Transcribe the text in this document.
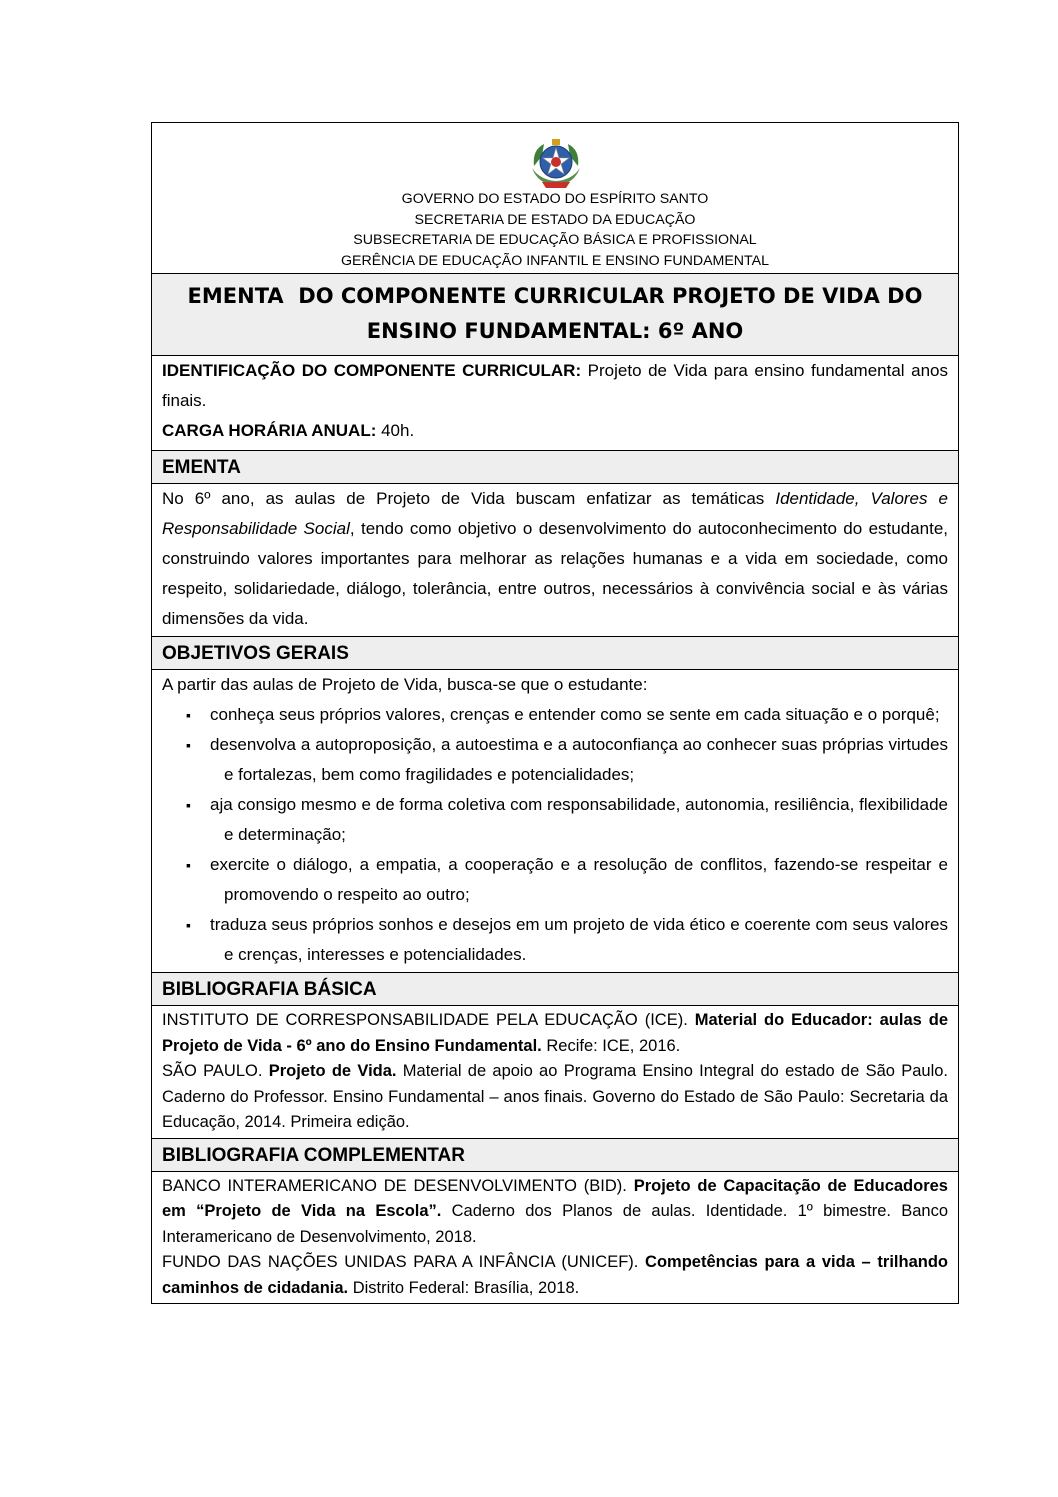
GOVERNO DO ESTADO DO ESPÍRITO SANTO
SECRETARIA DE ESTADO DA EDUCAÇÃO
SUBSECRETARIA DE EDUCAÇÃO BÁSICA E PROFISSIONAL
GERÊNCIA DE EDUCAÇÃO INFANTIL E ENSINO FUNDAMENTAL
EMENTA  DO COMPONENTE CURRICULAR PROJETO DE VIDA DO
ENSINO FUNDAMENTAL: 6º ANO
IDENTIFICAÇÃO DO COMPONENTE CURRICULAR: Projeto de Vida para ensino fundamental anos finais.
CARGA HORÁRIA ANUAL: 40h.
EMENTA
No 6º ano, as aulas de Projeto de Vida buscam enfatizar as temáticas Identidade, Valores e Responsabilidade Social, tendo como objetivo o desenvolvimento do autoconhecimento do estudante, construindo valores importantes para melhorar as relações humanas e a vida em sociedade, como respeito, solidariedade, diálogo, tolerância, entre outros, necessários à convivência social e às várias dimensões da vida.
OBJETIVOS GERAIS
A partir das aulas de Projeto de Vida, busca-se que o estudante:
▪ conheça seus próprios valores, crenças e entender como se sente em cada situação e o porquê;
▪ desenvolva a autoproposição, a autoestima e a autoconfiança ao conhecer suas próprias virtudes e fortalezas, bem como fragilidades e potencialidades;
▪ aja consigo mesmo e de forma coletiva com responsabilidade, autonomia, resiliência, flexibilidade e determinação;
▪ exercite o diálogo, a empatia, a cooperação e a resolução de conflitos, fazendo-se respeitar e promovendo o respeito ao outro;
▪ traduza seus próprios sonhos e desejos em um projeto de vida ético e coerente com seus valores e crenças, interesses e potencialidades.
BIBLIOGRAFIA BÁSICA
INSTITUTO DE CORRESPONSABILIDADE PELA EDUCAÇÃO (ICE). Material do Educador: aulas de Projeto de Vida - 6º ano do Ensino Fundamental. Recife: ICE, 2016.
SÃO PAULO. Projeto de Vida. Material de apoio ao Programa Ensino Integral do estado de São Paulo. Caderno do Professor. Ensino Fundamental – anos finais. Governo do Estado de São Paulo: Secretaria da Educação, 2014. Primeira edição.
BIBLIOGRAFIA COMPLEMENTAR
BANCO INTERAMERICANO DE DESENVOLVIMENTO (BID). Projeto de Capacitação de Educadores em “Projeto de Vida na Escola”. Caderno dos Planos de aulas. Identidade. 1º bimestre. Banco Interamericano de Desenvolvimento, 2018.
FUNDO DAS NAÇÕES UNIDAS PARA A INFÂNCIA (UNICEF). Competências para a vida – trilhando caminhos de cidadania. Distrito Federal: Brasília, 2018.
